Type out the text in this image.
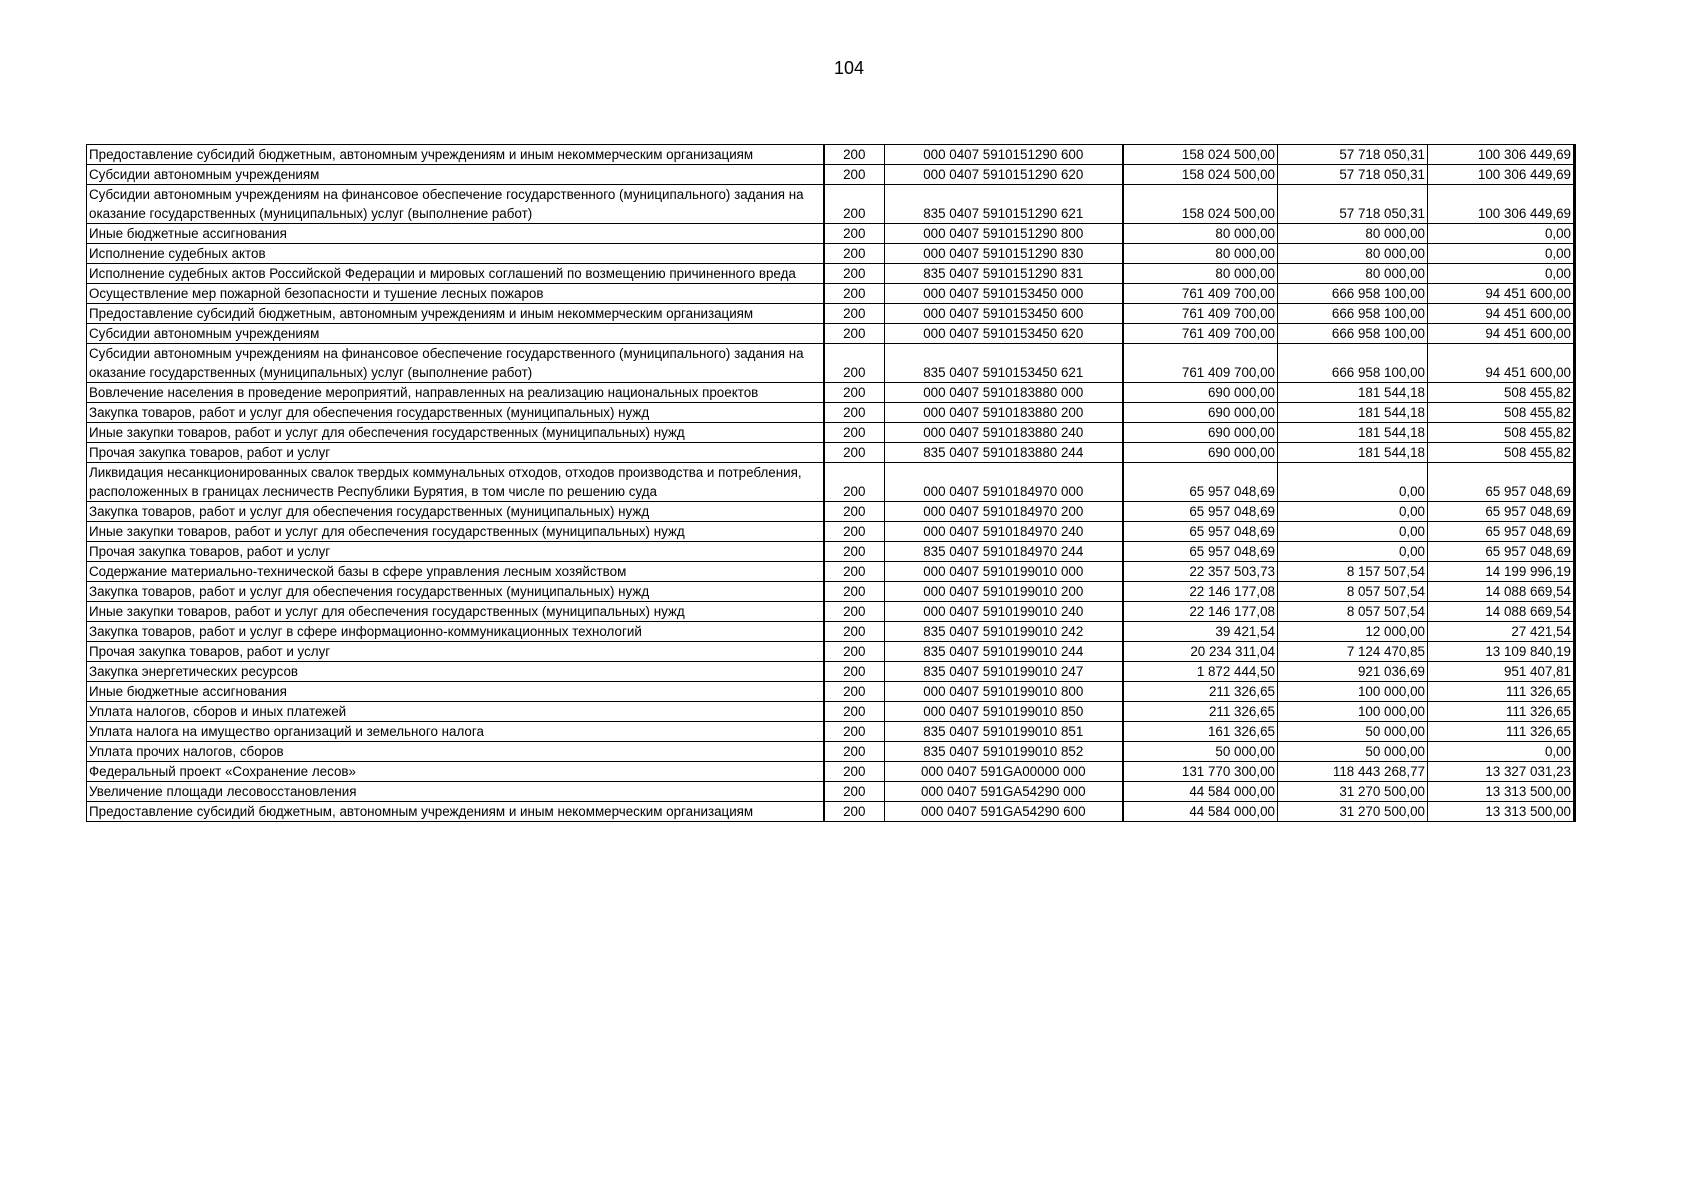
104
Предоставление субсидий бюджетным, автономным учреждениям и иным некоммерческим организациям	200	000 0407 5910151290 600	158 024 500,00	57 718 050,31	100 306 449,69
Субсидии автономным учреждениям	200	000 0407 5910151290 620	158 024 500,00	57 718 050,31	100 306 449,69
Субсидии автономным учреждениям на финансовое обеспечение государственного (муниципального) задания на оказание государственных (муниципальных) услуг (выполнение работ)	200	835 0407 5910151290 621	158 024 500,00	57 718 050,31	100 306 449,69
Иные бюджетные ассигнования	200	000 0407 5910151290 800	80 000,00	80 000,00	0,00
Исполнение судебных актов	200	000 0407 5910151290 830	80 000,00	80 000,00	0,00
Исполнение судебных актов Российской Федерации и мировых соглашений по возмещению причиненного вреда	200	835 0407 5910151290 831	80 000,00	80 000,00	0,00
Осуществление мер пожарной безопасности и тушение лесных пожаров	200	000 0407 5910153450 000	761 409 700,00	666 958 100,00	94 451 600,00
Предоставление субсидий бюджетным, автономным учреждениям и иным некоммерческим организациям	200	000 0407 5910153450 600	761 409 700,00	666 958 100,00	94 451 600,00
Субсидии автономным учреждениям	200	000 0407 5910153450 620	761 409 700,00	666 958 100,00	94 451 600,00
Субсидии автономным учреждениям на финансовое обеспечение государственного (муниципального) задания на оказание государственных (муниципальных) услуг (выполнение работ)	200	835 0407 5910153450 621	761 409 700,00	666 958 100,00	94 451 600,00
Вовлечение населения в проведение мероприятий, направленных на реализацию национальных проектов	200	000 0407 5910183880 000	690 000,00	181 544,18	508 455,82
Закупка товаров, работ и услуг для обеспечения государственных (муниципальных) нужд	200	000 0407 5910183880 200	690 000,00	181 544,18	508 455,82
Иные закупки товаров, работ и услуг для обеспечения государственных (муниципальных) нужд	200	000 0407 5910183880 240	690 000,00	181 544,18	508 455,82
Прочая закупка товаров, работ и услуг	200	835 0407 5910183880 244	690 000,00	181 544,18	508 455,82
Ликвидация несанкционированных свалок твердых коммунальных отходов, отходов производства и потребления, расположенных в границах лесничеств Республики Бурятия, в том числе по решению суда	200	000 0407 5910184970 000	65 957 048,69	0,00	65 957 048,69
Закупка товаров, работ и услуг для обеспечения государственных (муниципальных) нужд	200	000 0407 5910184970 200	65 957 048,69	0,00	65 957 048,69
Иные закупки товаров, работ и услуг для обеспечения государственных (муниципальных) нужд	200	000 0407 5910184970 240	65 957 048,69	0,00	65 957 048,69
Прочая закупка товаров, работ и услуг	200	835 0407 5910184970 244	65 957 048,69	0,00	65 957 048,69
Содержание материально-технической базы в сфере управления лесным хозяйством	200	000 0407 5910199010 000	22 357 503,73	8 157 507,54	14 199 996,19
Закупка товаров, работ и услуг для обеспечения государственных (муниципальных) нужд	200	000 0407 5910199010 200	22 146 177,08	8 057 507,54	14 088 669,54
Иные закупки товаров, работ и услуг для обеспечения государственных (муниципальных) нужд	200	000 0407 5910199010 240	22 146 177,08	8 057 507,54	14 088 669,54
Закупка товаров, работ и услуг в сфере информационно-коммуникационных технологий	200	835 0407 5910199010 242	39 421,54	12 000,00	27 421,54
Прочая закупка товаров, работ и услуг	200	835 0407 5910199010 244	20 234 311,04	7 124 470,85	13 109 840,19
Закупка энергетических ресурсов	200	835 0407 5910199010 247	1 872 444,50	921 036,69	951 407,81
Иные бюджетные ассигнования	200	000 0407 5910199010 800	211 326,65	100 000,00	111 326,65
Уплата налогов, сборов и иных платежей	200	000 0407 5910199010 850	211 326,65	100 000,00	111 326,65
Уплата налога на имущество организаций и земельного налога	200	835 0407 5910199010 851	161 326,65	50 000,00	111 326,65
Уплата прочих налогов, сборов	200	835 0407 5910199010 852	50 000,00	50 000,00	0,00
Федеральный проект «Сохранение лесов»	200	000 0407 591GA00000 000	131 770 300,00	118 443 268,77	13 327 031,23
Увеличение площади лесовосстановления	200	000 0407 591GA54290 000	44 584 000,00	31 270 500,00	13 313 500,00
Предоставление субсидий бюджетным, автономным учреждениям и иным некоммерческим организациям	200	000 0407 591GA54290 600	44 584 000,00	31 270 500,00	13 313 500,00
